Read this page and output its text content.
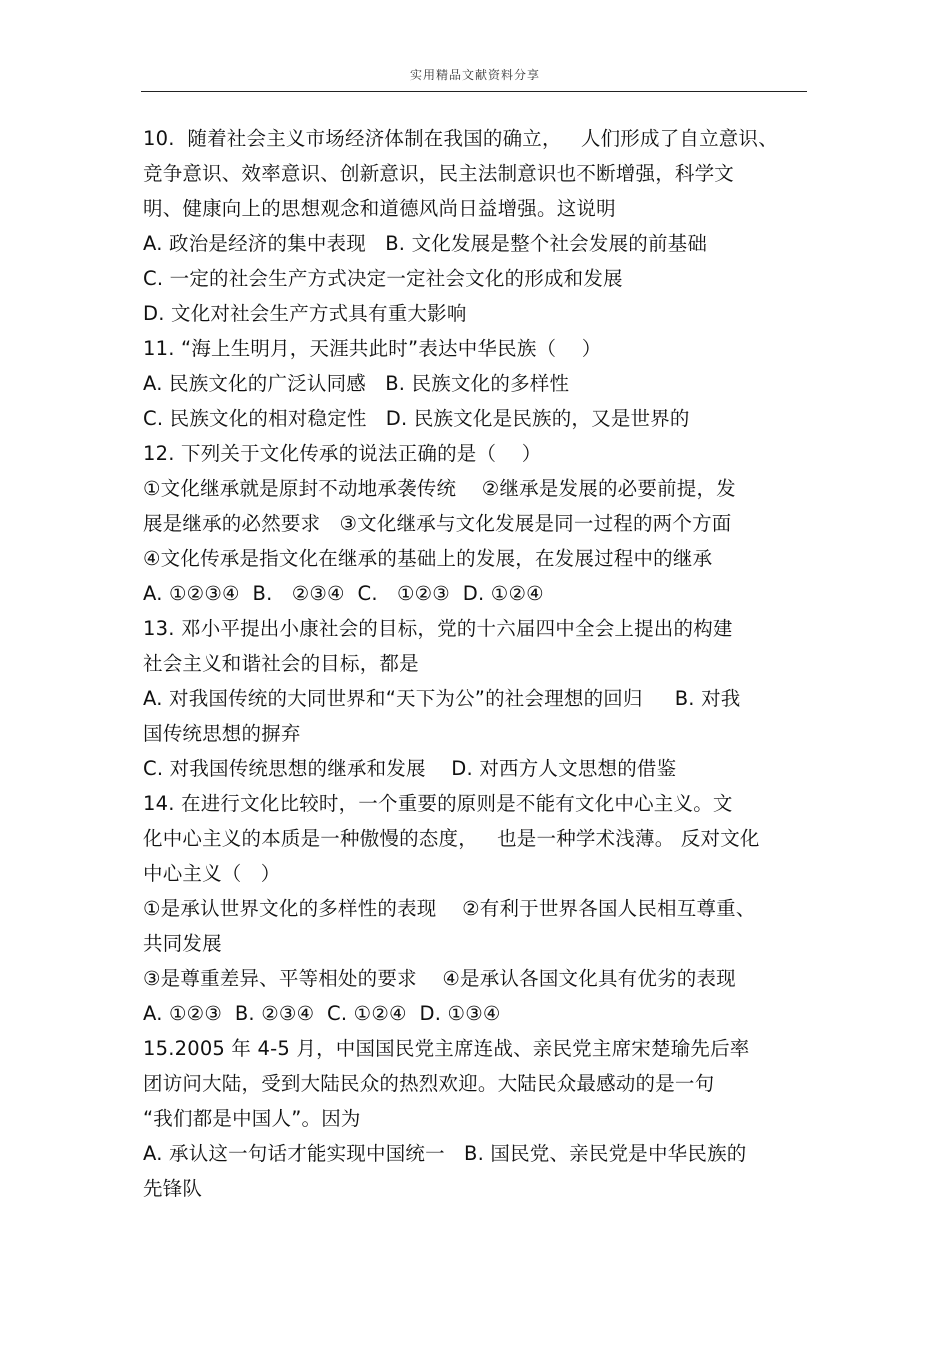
实用精品文献资料分享
10.  随着社会主义市场经济体制在我国的确立，   人们形成了自立意识、
竞争意识、效率意识、创新意识，民主法制意识也不断增强，科学文
明、健康向上的思想观念和道德风尚日益增强。这说明
A. 政治是经济的集中表现   B. 文化发展是整个社会发展的前基础
C. 一定的社会生产方式决定一定社会文化的形成和发展
D. 文化对社会生产方式具有重大影响
11. “海上生明月，天涯共此时”表达中华民族（    ）
A. 民族文化的广泛认同感   B. 民族文化的多样性
C. 民族文化的相对稳定性   D. 民族文化是民族的，又是世界的
12. 下列关于文化传承的说法正确的是（    ）
①文化继承就是原封不动地承袭传统    ②继承是发展的必要前提，发
展是继承的必然要求   ③文化继承与文化发展是同一过程的两个方面
④文化传承是指文化在继承的基础上的发展，在发展过程中的继承
A. ①②③④  B.   ②③④  C.   ①②③  D. ①②④
13. 邓小平提出小康社会的目标，党的十六届四中全会上提出的构建
社会主义和谐社会的目标，都是
A. 对我国传统的大同世界和“天下为公”的社会理想的回归     B. 对我
国传统思想的摒弃
C. 对我国传统思想的继承和发展    D. 对西方人文思想的借鉴
14. 在进行文化比较时，一个重要的原则是不能有文化中心主义。文
化中心主义的本质是一种傲慢的态度，   也是一种学术浅薄。 反对文化
中心主义（   ）
①是承认世界文化的多样性的表现    ②有利于世界各国人民相互尊重、
共同发展
③是尊重差异、平等相处的要求    ④是承认各国文化具有优劣的表现
A. ①②③  B. ②③④  C. ①②④  D. ①③④
15.2005 年 4-5 月，中国国民党主席连战、亲民党主席宋楚瑜先后率
团访问大陆，受到大陆民众的热烈欢迎。大陆民众最感动的是一句
“我们都是中国人”。因为
A. 承认这一句话才能实现中国统一   B. 国民党、亲民党是中华民族的
先锋队
